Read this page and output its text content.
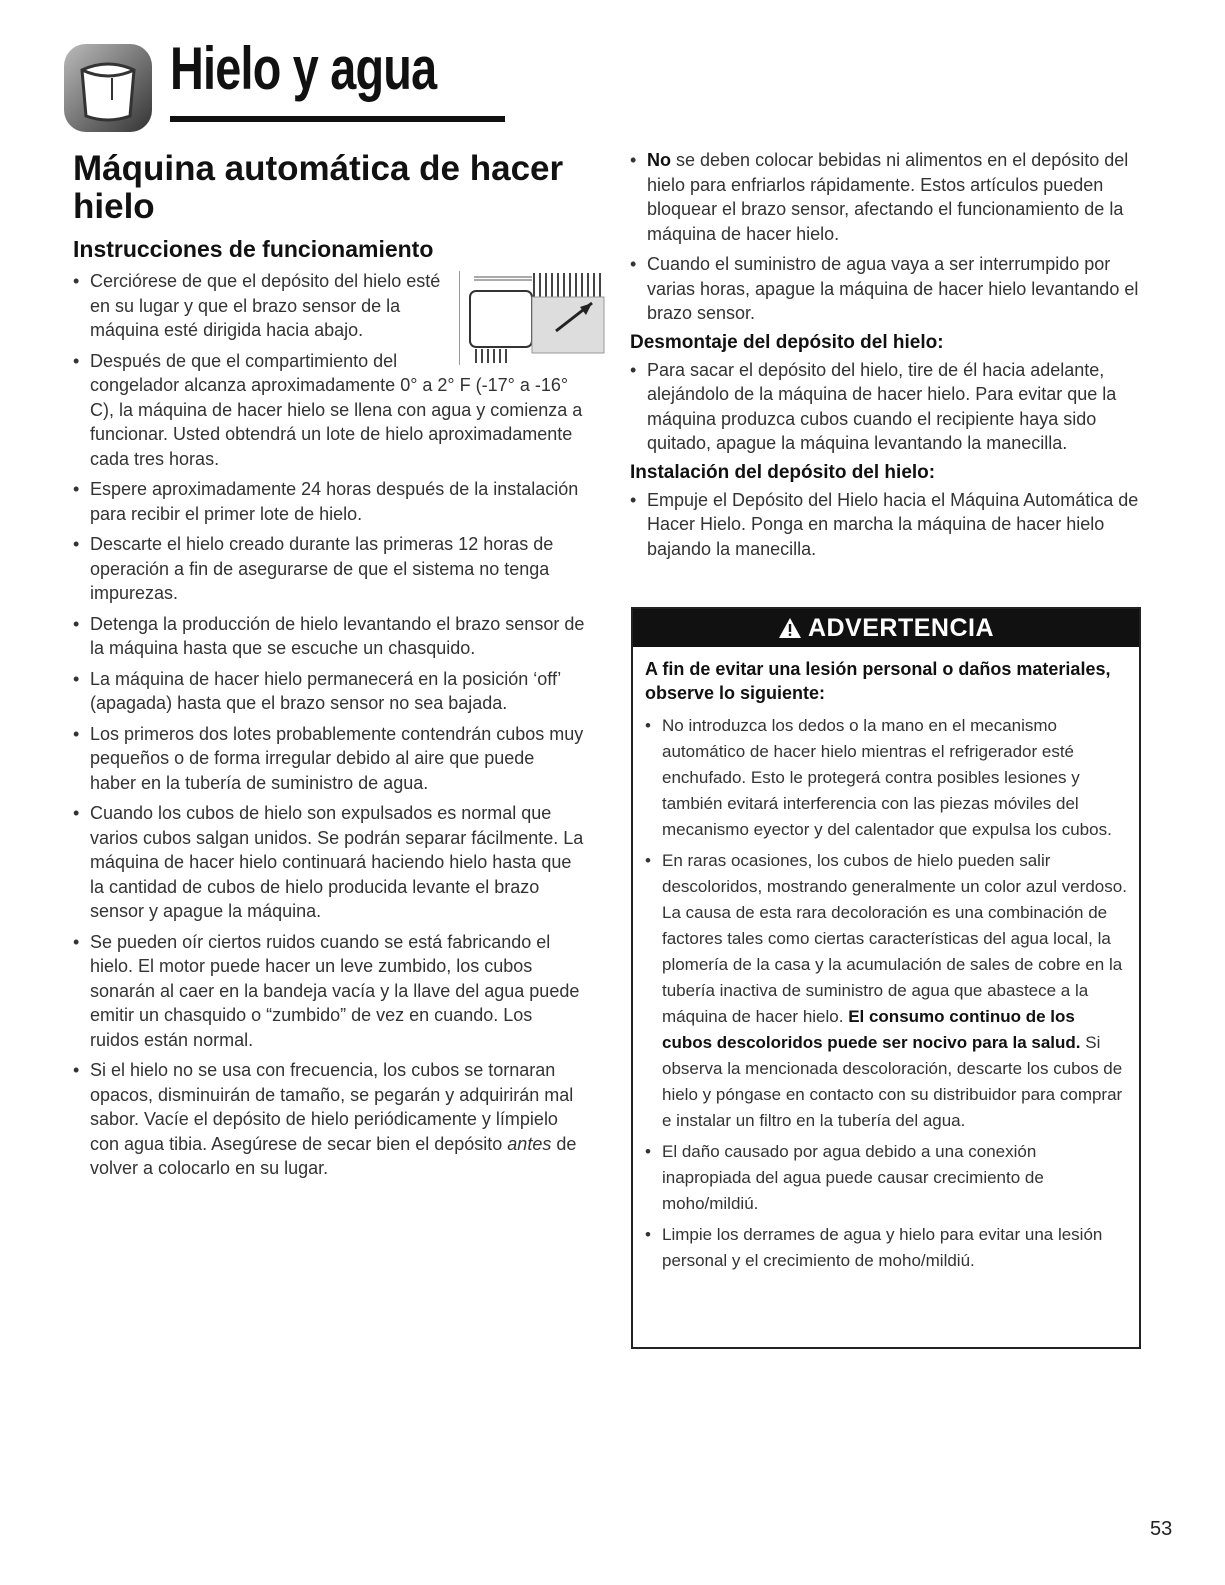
Hielo y agua
Máquina automática de hacer hielo
Instrucciones de funcionamiento
• Cerciórese de que el depósito del hielo esté en su lugar y que el brazo sensor de la máquina esté dirigida hacia abajo.
• Después de que el compartimiento del congelador alcanza aproximadamente 0° a 2° F (-17° a -16° C), la máquina de hacer hielo se llena con agua y comienza a funcionar. Usted obtendrá un lote de hielo aproximadamente cada tres horas.
• Espere aproximadamente 24 horas después de la instalación para recibir el primer lote de hielo.
• Descarte el hielo creado durante las primeras 12 horas de operación a fin de asegurarse de que el sistema no tenga impurezas.
• Detenga la producción de hielo levantando el brazo sensor de la máquina hasta que se escuche un chasquido.
• La máquina de hacer hielo permanecerá en la posición ‘off’ (apagada) hasta que el brazo sensor no sea bajada.
• Los primeros dos lotes probablemente contendrán cubos muy pequeños o de forma irregular debido al aire que puede haber en la tubería de suministro de agua.
• Cuando los cubos de hielo son expulsados es normal que varios cubos salgan unidos. Se podrán separar fácilmente. La máquina de hacer hielo continuará haciendo hielo hasta que la cantidad de cubos de hielo producida levante el brazo sensor y apague la máquina.
• Se pueden oír ciertos ruidos cuando se está fabricando el hielo. El motor puede hacer un leve zumbido, los cubos sonarán al caer en la bandeja vacía y la llave del agua puede emitir un chasquido o “zumbido” de vez en cuando. Los ruidos están normal.
• Si el hielo no se usa con frecuencia, los cubos se tornaran opacos, disminuirán de tamaño, se pegarán y adquirirán mal sabor. Vacíe el depósito de hielo periódicamente y límpielo con agua tibia. Asegúrese de secar bien el depósito antes de volver a colocarlo en su lugar.
• No se deben colocar bebidas ni alimentos en el depósito del hielo para enfriarlos rápidamente. Estos artículos pueden bloquear el brazo sensor, afectando el funcionamiento de la máquina de hacer hielo.
• Cuando el suministro de agua vaya a ser interrumpido por varias horas, apague la máquina de hacer hielo levantando el brazo sensor.
Desmontaje del depósito del hielo:
• Para sacar el depósito del hielo, tire de él hacia adelante, alejándolo de la máquina de hacer hielo. Para evitar que la máquina produzca cubos cuando el recipiente haya sido quitado, apague la máquina levantando la manecilla.
Instalación del depósito del hielo:
• Empuje el Depósito del Hielo hacia el Máquina Automática de Hacer Hielo. Ponga en marcha la máquina de hacer hielo bajando la manecilla.
ADVERTENCIA

A fin de evitar una lesión personal o daños materiales, observe lo siguiente:

• No introduzca los dedos o la mano en el mecanismo automático de hacer hielo mientras el refrigerador esté enchufado. Esto le protegerá contra posibles lesiones y también evitará interferencia con las piezas móviles del mecanismo eyector y del calentador que expulsa los cubos.
• En raras ocasiones, los cubos de hielo pueden salir descoloridos, mostrando generalmente un color azul verdoso. La causa de esta rara decoloración es una combinación de factores tales como ciertas características del agua local, la plomería de la casa y la acumulación de sales de cobre en la tubería inactiva de suministro de agua que abastece a la máquina de hacer hielo. El consumo continuo de los cubos descoloridos puede ser nocivo para la salud. Si observa la mencionada descoloración, descarte los cubos de hielo y póngase en contacto con su distribuidor para comprar e instalar un filtro en la tubería del agua.
• El daño causado por agua debido a una conexión inapropiada del agua puede causar crecimiento de moho/mildiú.
• Limpie los derrames de agua y hielo para evitar una lesión personal y el crecimiento de moho/mildiú.
53
